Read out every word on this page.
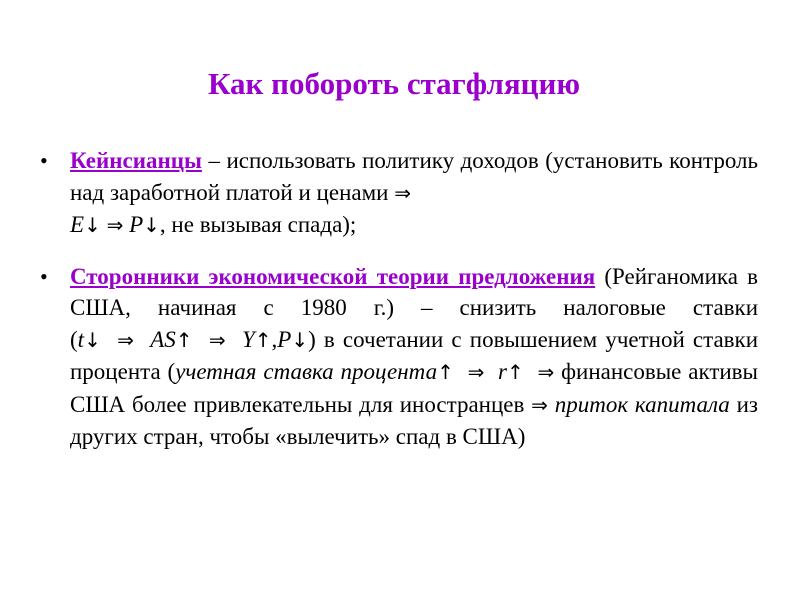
Как побороть стагфляцию
• Кейнсианцы – использовать политику доходов (установить контроль над заработной платой и ценами ⇒
E↓ ⇒ P↓, не вызывая спада);
• Сторонники экономической теории предложения (Рейганомика в США, начиная с 1980 г.) – снизить налоговые ставки (t↓ ⇒ AS↑ ⇒ Y↑,P↓) в сочетании с повышением учетной ставки процента (учетная ставка процента↑ ⇒ r↑ ⇒ финансовые активы США более привлекательны для иностранцев ⇒ приток капитала из других стран, чтобы «вылечить» спад в США)
